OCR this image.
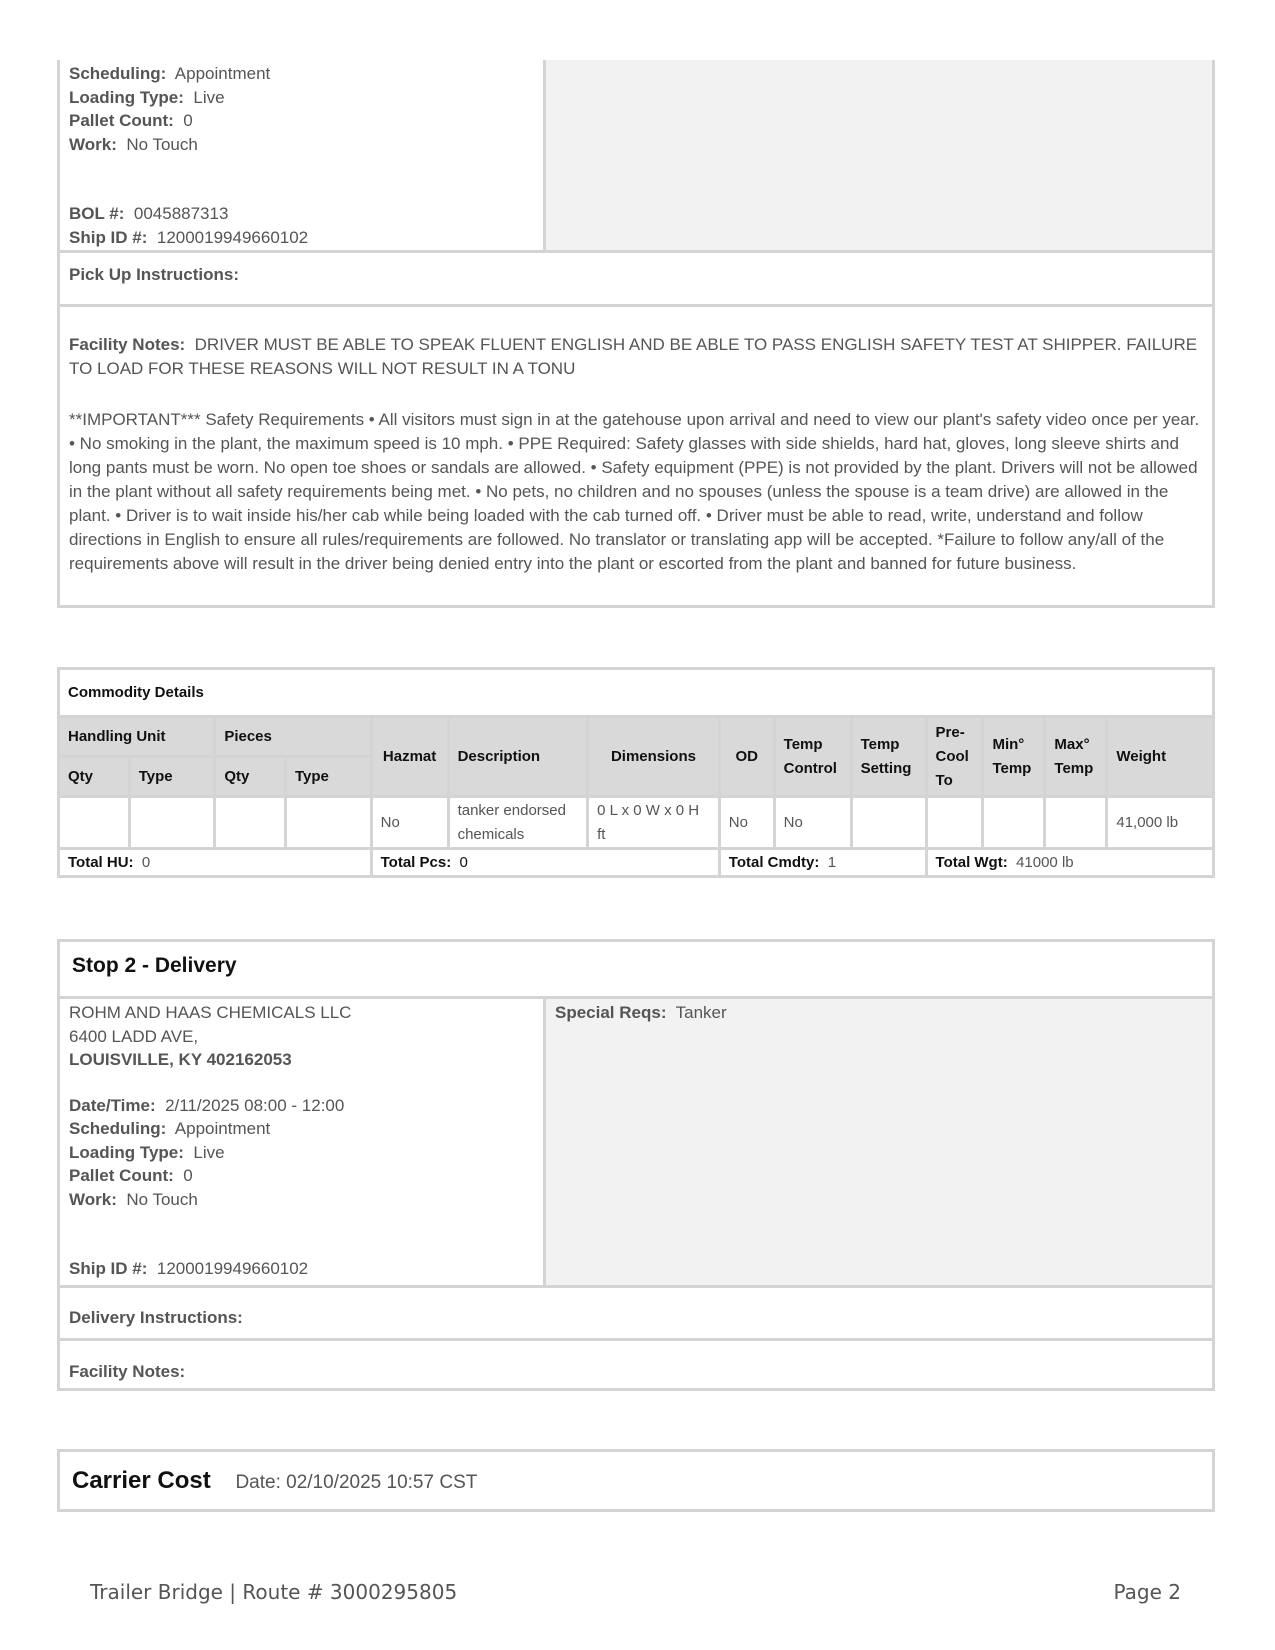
Scheduling: Appointment
Loading Type: Live
Pallet Count: 0
Work: No Touch
BOL #: 0045887313
Ship ID #: 1200019949660102
Pick Up Instructions:
Facility Notes: DRIVER MUST BE ABLE TO SPEAK FLUENT ENGLISH AND BE ABLE TO PASS ENGLISH SAFETY TEST AT SHIPPER. FAILURE TO LOAD FOR THESE REASONS WILL NOT RESULT IN A TONU
**IMPORTANT*** Safety Requirements • All visitors must sign in at the gatehouse upon arrival and need to view our plant's safety video once per year. • No smoking in the plant, the maximum speed is 10 mph. • PPE Required: Safety glasses with side shields, hard hat, gloves, long sleeve shirts and long pants must be worn. No open toe shoes or sandals are allowed. • Safety equipment (PPE) is not provided by the plant. Drivers will not be allowed in the plant without all safety requirements being met. • No pets, no children and no spouses (unless the spouse is a team drive) are allowed in the plant. • Driver is to wait inside his/her cab while being loaded with the cab turned off. • Driver must be able to read, write, understand and follow directions in English to ensure all rules/requirements are followed. No translator or translating app will be accepted. *Failure to follow any/all of the requirements above will result in the driver being denied entry into the plant or escorted from the plant and banned for future business.
Commodity Details													
Handling Unit		Pieces		Hazmat	Description	Dimensions	OD	Temp Control	Temp Setting	Pre-Cool To	Min° Temp	Max° Temp	Weight
Qty	Type	Qty	Type										
				No	tanker endorsed chemicals	0 L x 0 W x 0 H ft	No	No					41,000 lb
Total HU: 0				Total Pcs: 0			Total Cmdty: 1			Total Wgt: 41000 lb			
Stop 2 - Delivery
ROHM AND HAAS CHEMICALS LLC
6400 LADD AVE,
LOUISVILLE, KY 402162053
Date/Time: 2/11/2025 08:00 - 12:00
Scheduling: Appointment
Loading Type: Live
Pallet Count: 0
Work: No Touch
Ship ID #: 1200019949660102
Special Reqs: Tanker
Delivery Instructions:
Facility Notes:
Carrier Cost Date: 02/10/2025 10:57 CST
Trailer Bridge | Route # 3000295805	Page 2
